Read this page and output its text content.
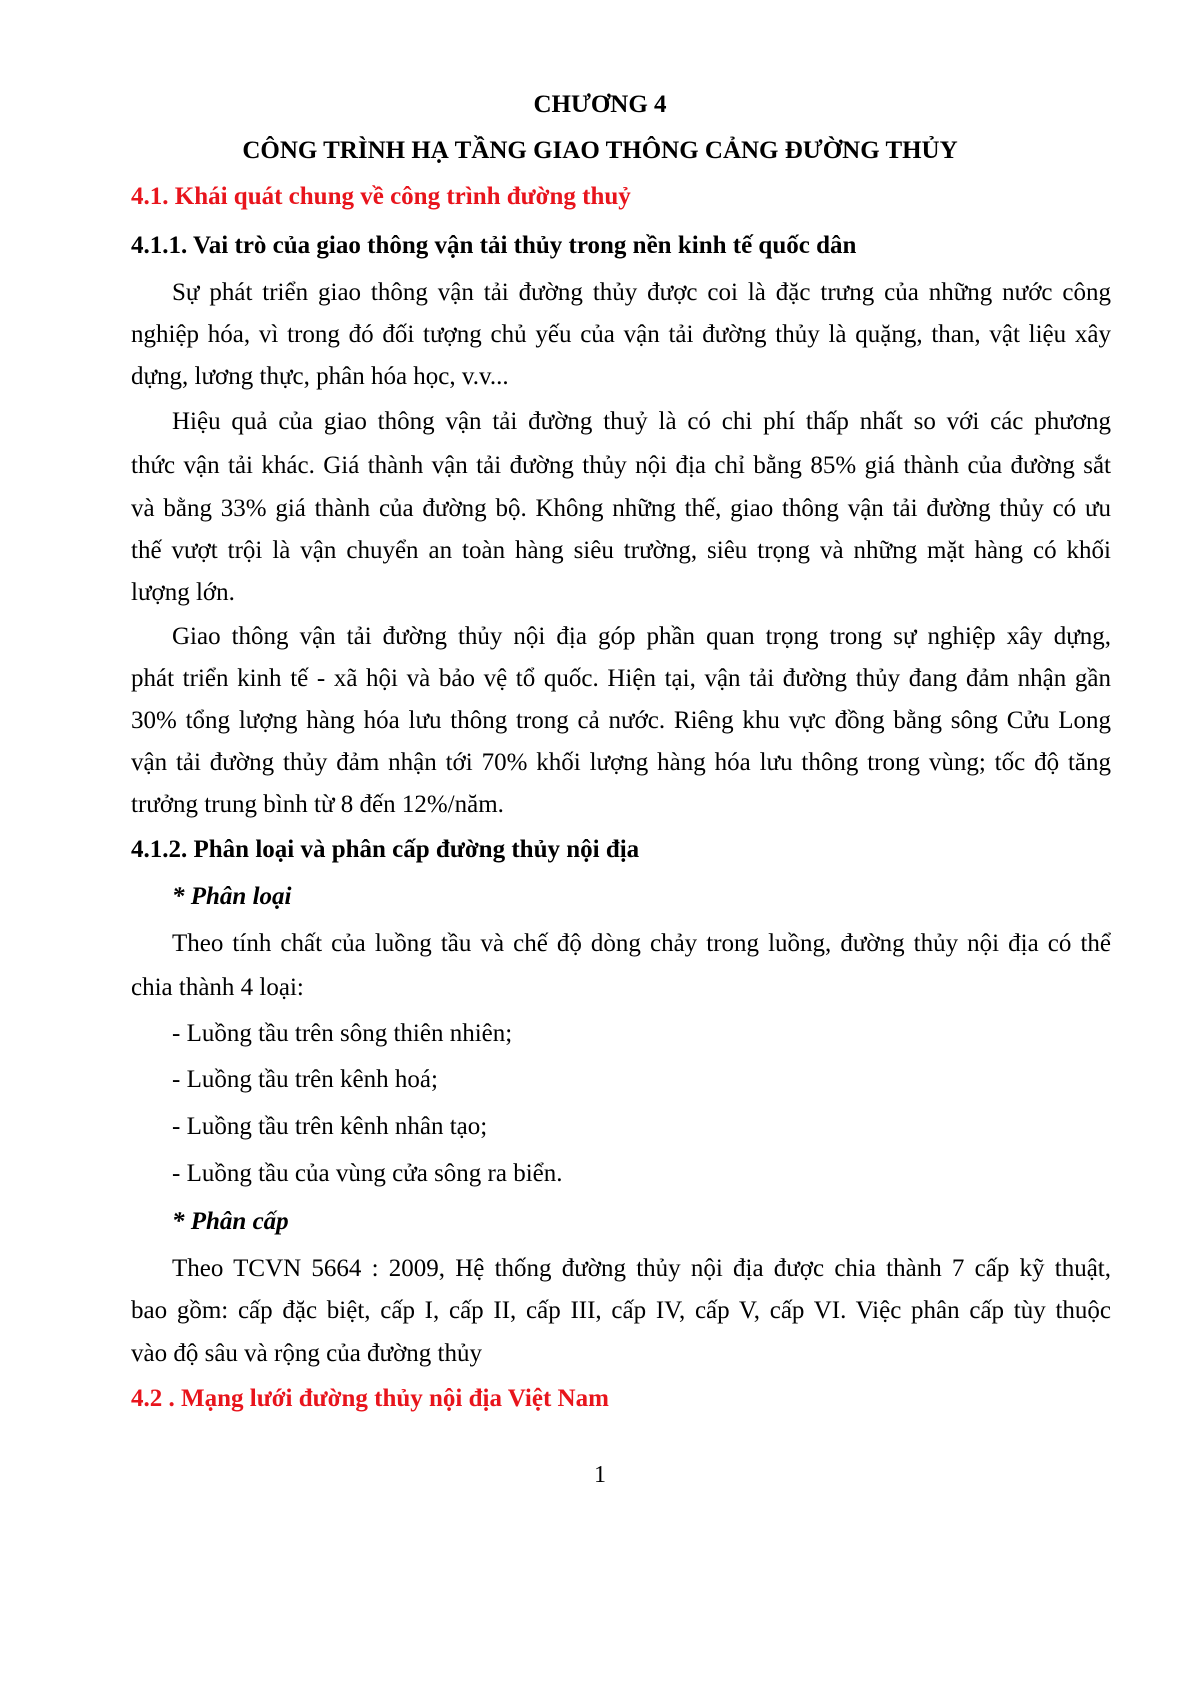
CHƯƠNG 4
CÔNG TRÌNH HẠ TẦNG GIAO THÔNG CẢNG ĐƯỜNG THỦY
4.1. Khái quát chung về công trình đường thuỷ
4.1.1. Vai trò của giao thông vận tải thủy trong nền kinh tế quốc dân
Sự phát triển giao thông vận tải đường thủy được coi là đặc trưng của những nước công
nghiệp hóa, vì trong đó đối tượng chủ yếu của vận tải đường thủy là quặng, than, vật liệu xây
dựng, lương thực, phân hóa học, v.v...
Hiệu quả của giao thông vận tải đường thuỷ là có chi phí thấp nhất so với các phương
thức vận tải khác. Giá thành vận tải đường thủy nội địa chỉ bằng 85% giá thành của đường sắt
và bằng 33% giá thành của đường bộ. Không những thế, giao thông vận tải đường thủy có ưu
thế vượt trội là vận chuyển an toàn hàng siêu trường, siêu trọng và những mặt hàng có khối
lượng lớn.
Giao thông vận tải đường thủy nội địa góp phần quan trọng trong sự nghiệp xây dựng,
phát triển kinh tế - xã hội và bảo vệ tổ quốc. Hiện tại, vận tải đường thủy đang đảm nhận gần
30% tổng lượng hàng hóa lưu thông trong cả nước. Riêng khu vực đồng bằng sông Cửu Long
vận tải đường thủy đảm nhận tới 70% khối lượng hàng hóa lưu thông trong vùng; tốc độ tăng
trưởng trung bình từ 8 đến 12%/năm.
4.1.2. Phân loại và phân cấp đường thủy nội địa
* Phân loại
Theo tính chất của luồng tầu và chế độ dòng chảy trong luồng, đường thủy nội địa có thể
chia thành 4 loại:
- Luồng tầu trên sông thiên nhiên;
- Luồng tầu trên kênh hoá;
- Luồng tầu trên kênh nhân tạo;
- Luồng tầu của vùng cửa sông ra biển.
* Phân cấp
Theo TCVN 5664 : 2009, Hệ thống đường thủy nội địa được chia thành 7 cấp kỹ thuật,
bao gồm: cấp đặc biệt, cấp I, cấp II, cấp III, cấp IV, cấp V, cấp VI. Việc phân cấp tùy thuộc
vào độ sâu và rộng của đường thủy
4.2 . Mạng lưới đường thủy nội địa Việt Nam
1
